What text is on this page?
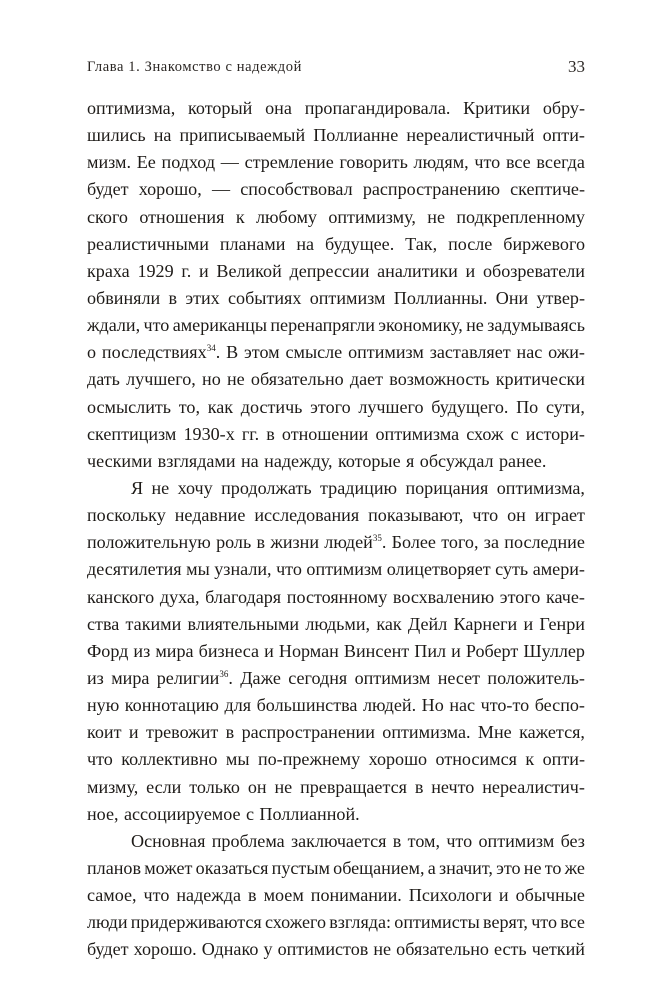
Глава 1. Знакомство с надеждой	33
оптимизма, который она пропагандировала. Критики обру-
шились на приписываемый Поллианне нереалистичный опти-
мизм. Ее подход — стремление говорить людям, что все всегда
будет хорошо, — способствовал распространению скептиче-
ского отношения к любому оптимизму, не подкрепленному
реалистичными планами на будущее. Так, после биржевого
краха 1929 г. и Великой депрессии аналитики и обозреватели
обвиняли в этих событиях оптимизм Поллианны. Они утвер-
ждали, что американцы перенапрягли экономику, не задумываясь
о последствиях$^{34}$. В этом смысле оптимизм заставляет нас ожи-
дать лучшего, но не обязательно дает возможность критически
осмыслить то, как достичь этого лучшего будущего. По сути,
скептицизм 1930-х гг. в отношении оптимизма схож с истори-
ческими взглядами на надежду, которые я обсуждал ранее.
Я не хочу продолжать традицию порицания оптимизма,
поскольку недавние исследования показывают, что он играет
положительную роль в жизни людей$^{35}$. Более того, за последние
десятилетия мы узнали, что оптимизм олицетворяет суть амери-
канского духа, благодаря постоянному восхвалению этого каче-
ства такими влиятельными людьми, как Дейл Карнеги и Генри
Форд из мира бизнеса и Норман Винсент Пил и Роберт Шуллер
из мира религии$^{36}$. Даже сегодня оптимизм несет положитель-
ную коннотацию для большинства людей. Но нас что-то беспо-
коит и тревожит в распространении оптимизма. Мне кажется,
что коллективно мы по-прежнему хорошо относимся к опти-
мизму, если только он не превращается в нечто нереалистич-
ное, ассоциируемое с Поллианной.
Основная проблема заключается в том, что оптимизм без
планов может оказаться пустым обещанием, а значит, это не то же
самое, что надежда в моем понимании. Психологи и обычные
люди придерживаются схожего взгляда: оптимисты верят, что все
будет хорошо. Однако у оптимистов не обязательно есть четкий
